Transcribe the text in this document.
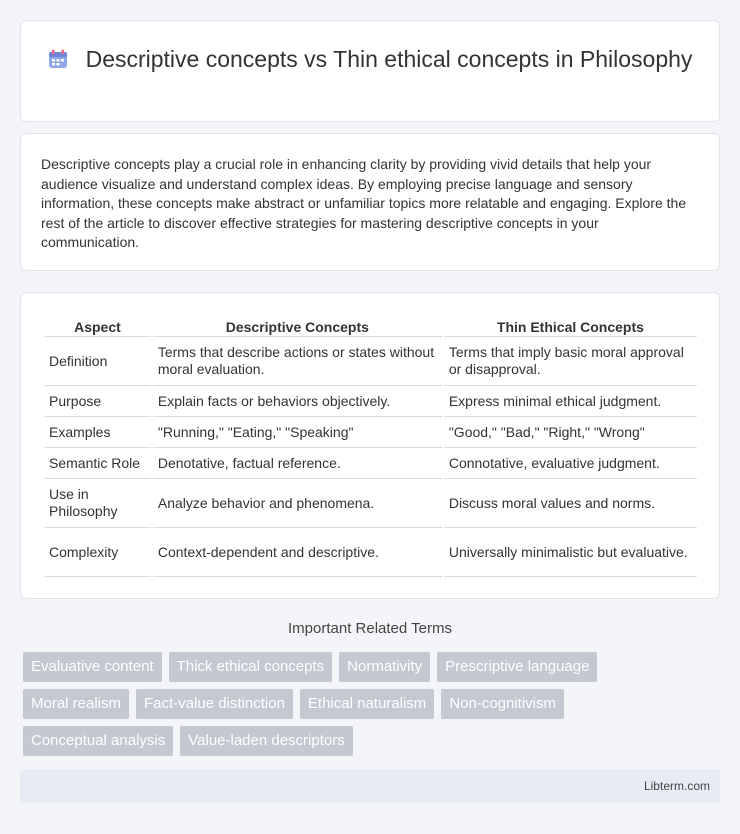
Descriptive concepts vs Thin ethical concepts in Philosophy

Descriptive concepts play a crucial role in enhancing clarity by providing vivid details that help your audience visualize and understand complex ideas. By employing precise language and sensory information, these concepts make abstract or unfamiliar topics more relatable and engaging. Explore the rest of the article to discover effective strategies for mastering descriptive concepts in your communication.

Aspect	Descriptive Concepts	Thin Ethical Concepts
Definition	Terms that describe actions or states without moral evaluation.	Terms that imply basic moral approval or disapproval.
Purpose	Explain facts or behaviors objectively.	Express minimal ethical judgment.
Examples	"Running," "Eating," "Speaking"	"Good," "Bad," "Right," "Wrong"
Semantic Role	Denotative, factual reference.	Connotative, evaluative judgment.
Use in Philosophy	Analyze behavior and phenomena.	Discuss moral values and norms.
Complexity	Context-dependent and descriptive.	Universally minimalistic but evaluative.
Important Related Terms
Evaluative content	Thick ethical concepts	Normativity	Prescriptive language
Moral realism	Fact-value distinction	Ethical naturalism	Non-cognitivism
Conceptual analysis	Value-laden descriptors
Libterm.com
